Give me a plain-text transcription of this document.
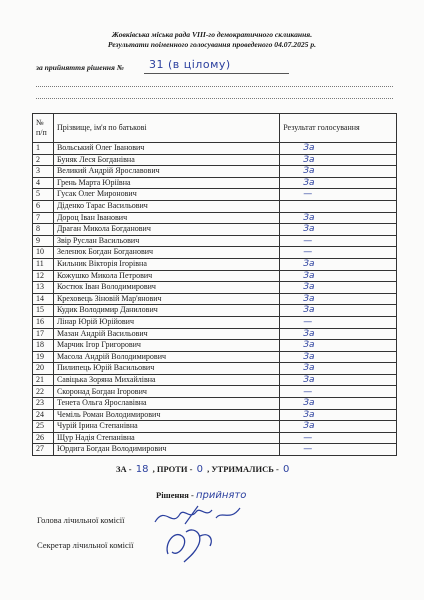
Жовківська міська рада VIII-го демократичного скликання.
Результати поіменного голосування проведеного 04.07.2025 р.
за прийняття рішення № 31 (в цілому)
№
п/п	Прізвище, ім'я по батькові	Результат голосування
1	Вольський Олег Іванович	За
2	Буняк Леся Богданівна	За
3	Великий Андрій Ярославович	За
4	Грень Марта Юріївна	За
5	Гусак Олег Миронович	—
6	Діденко Тарас Васильович	
7	Дороц Іван Іванович	За
8	Драган Микола Богданович	За
9	Звір Руслан Васильович	—
10	Зеленюк Богдан Богданович	—
11	Кильник Вікторія Ігорівна	За
12	Кожушко Микола Петрович	За
13	Костюк Іван Володимирович	За
14	Креховець Зіновій Мар'янович	За
15	Кудик Володимир Данилович	За
16	Лінар Юрій Юрійович	—
17	Мазан Андрій Васильович	За
18	Марчик Ігор Григорович	За
19	Масола Андрій Володимирович	За
20	Пилипець Юрій Васильович	За
21	Савіцька Зоряна Михайлівна	За
22	Скоронад Богдан Ігорович	—
23	Тенета Ольга Ярославівна	За
24	Чеміль Роман Володимирович	За
25	Чурій Ірина Степанівна	За
26	Щур Надія Степанівна	—
27	Юрдига Богдан Володимирович	—
ЗА - 18 , ПРОТИ - 0 , УТРИМАЛИСЬ - 0
Рішення - прийнято
Голова лічильної комісії
Секретар лічильної комісії
